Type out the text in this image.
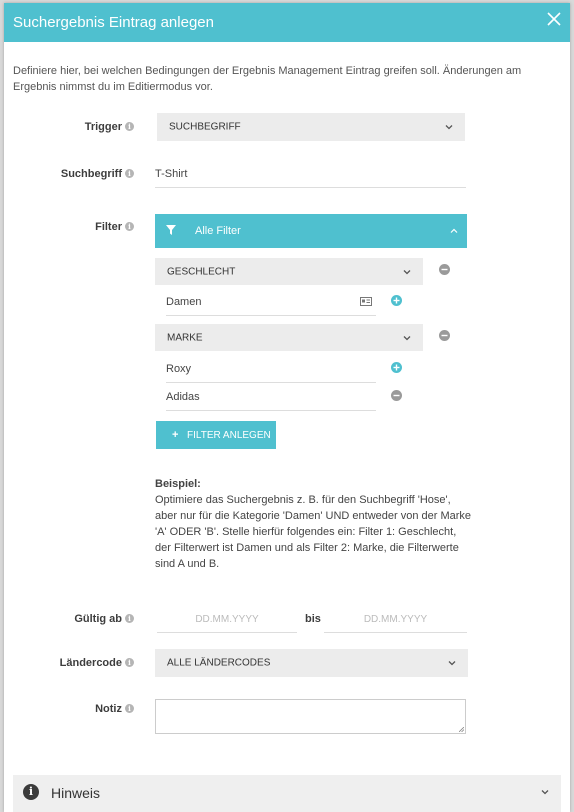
Suchergebnis Eintrag anlegen
Definiere hier, bei welchen Bedingungen der Ergebnis Management Eintrag greifen soll. Änderungen am Ergebnis nimmst du im Editiermodus vor.
Trigger i	SUCHBEGRIFF
Suchbegriff i T-Shirt
Filter i	Alle Filter
GESCHLECHT
Damen
MARKE
Roxy
Adidas
+ FILTER ANLEGEN
Beispiel:
Optimiere das Suchergebnis z. B. für den Suchbegriff 'Hose', aber nur für die Kategorie 'Damen' UND entweder von der Marke 'A' ODER 'B'. Stelle hierfür folgendes ein: Filter 1: Geschlecht, der Filterwert ist Damen und als Filter 2: Marke, die Filterwerte sind A und B.
Gültig ab i	DD.MM.YYYY	bis	DD.MM.YYYY
Ländercode i	ALLE LÄNDERCODES
Notiz i
i	Hinweis
